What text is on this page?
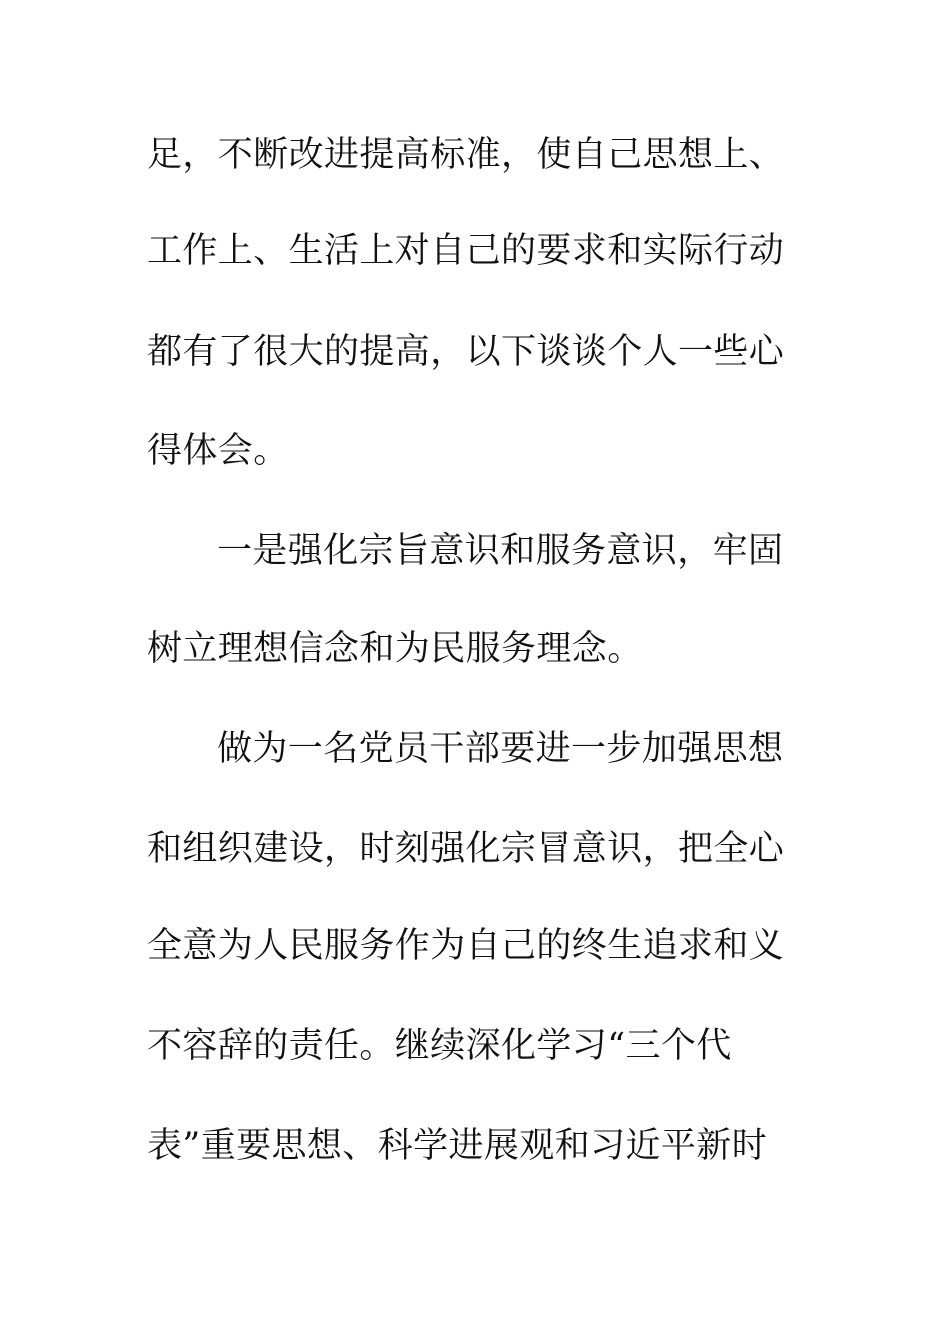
足，不断改进提高标准，使自己思想上、
工作上、生活上对自己的要求和实际行动
都有了很大的提高，以下谈谈个人一些心
得体会。
一是强化宗旨意识和服务意识，牢固
树立理想信念和为民服务理念。
做为一名党员干部要进一步加强思想
和组织建设，时刻强化宗冒意识，把全心
全意为人民服务作为自己的终生追求和义
不容辞的责任。继续深化学习“三个代
表”重要思想、科学进展观和习近平新时
